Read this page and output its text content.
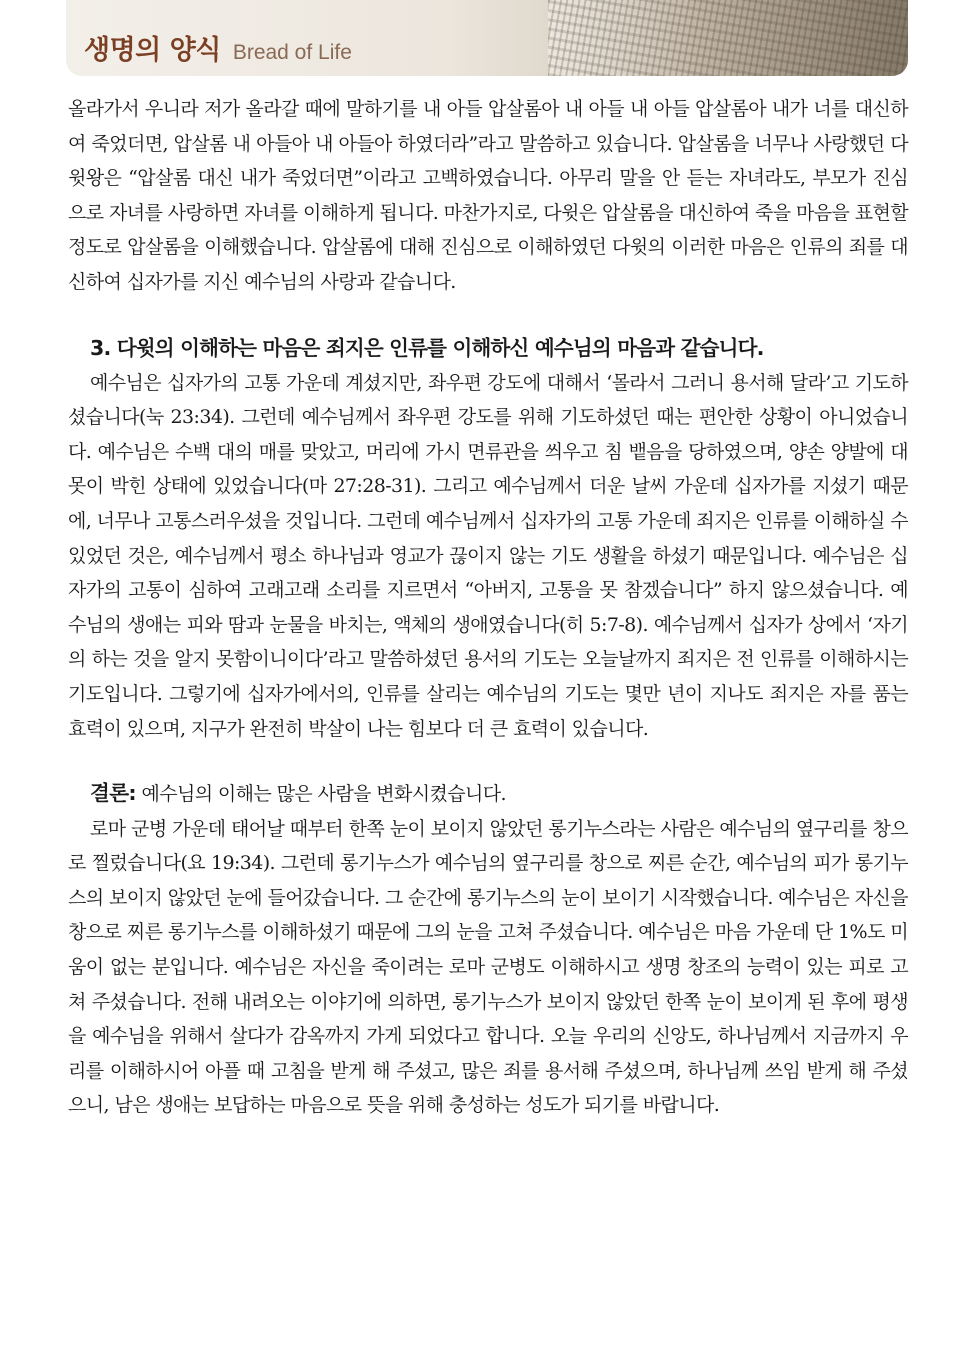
생명의 양식 Bread of Life

올라가서 우니라 저가 올라갈 때에 말하기를 내 아들 압살롬아 내 아들 내 아들 압살롬아 내가 너를 대신하여 죽었더면, 압살롬 내 아들아 내 아들아 하였더라”라고 말씀하고 있습니다. 압살롬을 너무나 사랑했던 다윗왕은 “압살롬 대신 내가 죽었더면”이라고 고백하였습니다. 아무리 말을 안 듣는 자녀라도, 부모가 진심으로 자녀를 사랑하면 자녀를 이해하게 됩니다. 마찬가지로, 다윗은 압살롬을 대신하여 죽을 마음을 표현할 정도로 압살롬을 이해했습니다. 압살롬에 대해 진심으로 이해하였던 다윗의 이러한 마음은 인류의 죄를 대신하여 십자가를 지신 예수님의 사랑과 같습니다.

3. 다윗의 이해하는 마음은 죄지은 인류를 이해하신 예수님의 마음과 같습니다.

예수님은 십자가의 고통 가운데 계셨지만, 좌우편 강도에 대해서 ‘몰라서 그러니 용서해 달라’고 기도하셨습니다(눅 23:34). 그런데 예수님께서 좌우편 강도를 위해 기도하셨던 때는 편안한 상황이 아니었습니다. 예수님은 수백 대의 매를 맞았고, 머리에 가시 면류관을 씌우고 침 뱉음을 당하였으며, 양손 양발에 대못이 박힌 상태에 있었습니다(마 27:28-31). 그리고 예수님께서 더운 날씨 가운데 십자가를 지셨기 때문에, 너무나 고통스러우셨을 것입니다. 그런데 예수님께서 십자가의 고통 가운데 죄지은 인류를 이해하실 수 있었던 것은, 예수님께서 평소 하나님과 영교가 끊이지 않는 기도 생활을 하셨기 때문입니다. 예수님은 십자가의 고통이 심하여 고래고래 소리를 지르면서 “아버지, 고통을 못 참겠습니다” 하지 않으셨습니다. 예수님의 생애는 피와 땀과 눈물을 바치는, 액체의 생애였습니다(히 5:7-8). 예수님께서 십자가 상에서 ‘자기의 하는 것을 알지 못함이니이다’라고 말씀하셨던 용서의 기도는 오늘날까지 죄지은 전 인류를 이해하시는 기도입니다. 그렇기에 십자가에서의, 인류를 살리는 예수님의 기도는 몇만 년이 지나도 죄지은 자를 품는 효력이 있으며, 지구가 완전히 박살이 나는 힘보다 더 큰 효력이 있습니다.

결론: 예수님의 이해는 많은 사람을 변화시켰습니다.

로마 군병 가운데 태어날 때부터 한쪽 눈이 보이지 않았던 롱기누스라는 사람은 예수님의 옆구리를 창으로 찔렀습니다(요 19:34). 그런데 롱기누스가 예수님의 옆구리를 창으로 찌른 순간, 예수님의 피가 롱기누스의 보이지 않았던 눈에 들어갔습니다. 그 순간에 롱기누스의 눈이 보이기 시작했습니다. 예수님은 자신을 창으로 찌른 롱기누스를 이해하셨기 때문에 그의 눈을 고쳐 주셨습니다. 예수님은 마음 가운데 단 1%도 미움이 없는 분입니다. 예수님은 자신을 죽이려는 로마 군병도 이해하시고 생명 창조의 능력이 있는 피로 고쳐 주셨습니다. 전해 내려오는 이야기에 의하면, 롱기누스가 보이지 않았던 한쪽 눈이 보이게 된 후에 평생을 예수님을 위해서 살다가 감옥까지 가게 되었다고 합니다. 오늘 우리의 신앙도, 하나님께서 지금까지 우리를 이해하시어 아플 때 고침을 받게 해 주셨고, 많은 죄를 용서해 주셨으며, 하나님께 쓰임 받게 해 주셨으니, 남은 생애는 보답하는 마음으로 뜻을 위해 충성하는 성도가 되기를 바랍니다.
